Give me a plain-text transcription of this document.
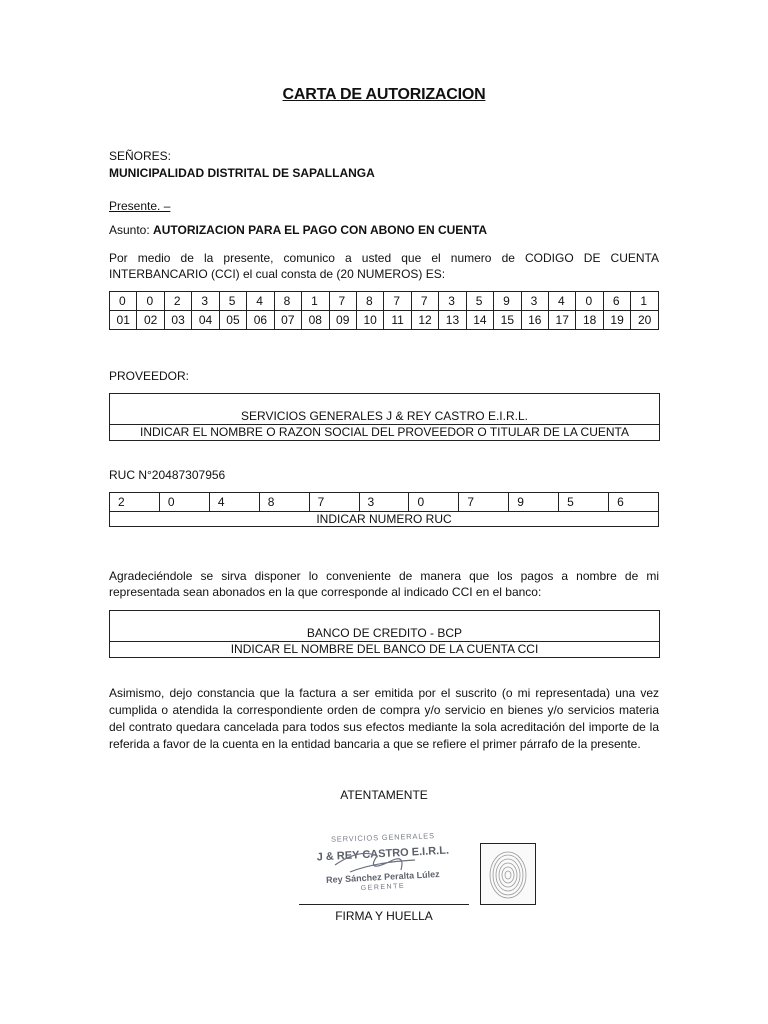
CARTA DE AUTORIZACION
SEÑORES:
MUNICIPALIDAD DISTRITAL DE SAPALLANGA
Presente. –
Asunto: AUTORIZACION PARA EL PAGO CON ABONO EN CUENTA
Por medio de la presente, comunico a usted que el numero de CODIGO DE CUENTA INTERBANCARIO (CCI) el cual consta de (20 NUMEROS) ES:
0	0	2	3	5	4	8	1	7	8	7	7	3	5	9	3	4	0	6	1
01	02	03	04	05	06	07	08	09	10	11	12	13	14	15	16	17	18	19	20
PROVEEDOR:
SERVICIOS GENERALES J & REY CASTRO E.I.R.L.
INDICAR EL NOMBRE O RAZON SOCIAL DEL PROVEEDOR O TITULAR DE LA CUENTA
RUC N°20487307956
2	0	4	8	7	3	0	7	9	5	6
INDICAR NUMERO RUC
Agradeciéndole se sirva disponer lo conveniente de manera que los pagos a nombre de mi representada sean abonados en la que corresponde al indicado CCI en el banco:
BANCO DE CREDITO - BCP
INDICAR EL NOMBRE DEL BANCO DE LA CUENTA CCI
Asimismo, dejo constancia que la factura a ser emitida por el suscrito (o mi representada) una vez cumplida o atendida la correspondiente orden de compra y/o servicio en bienes y/o servicios materia del contrato quedara cancelada para todos sus efectos mediante la sola acreditación del importe de la referida a favor de la cuenta en la entidad bancaria a que se refiere el primer párrafo de la presente.
ATENTAMENTE
SERVICIOS GENERALES
J & REY CASTRO E.I.R.L.
Rey Sánchez Peralta Lúlez
GERENTE
FIRMA Y HUELLA
